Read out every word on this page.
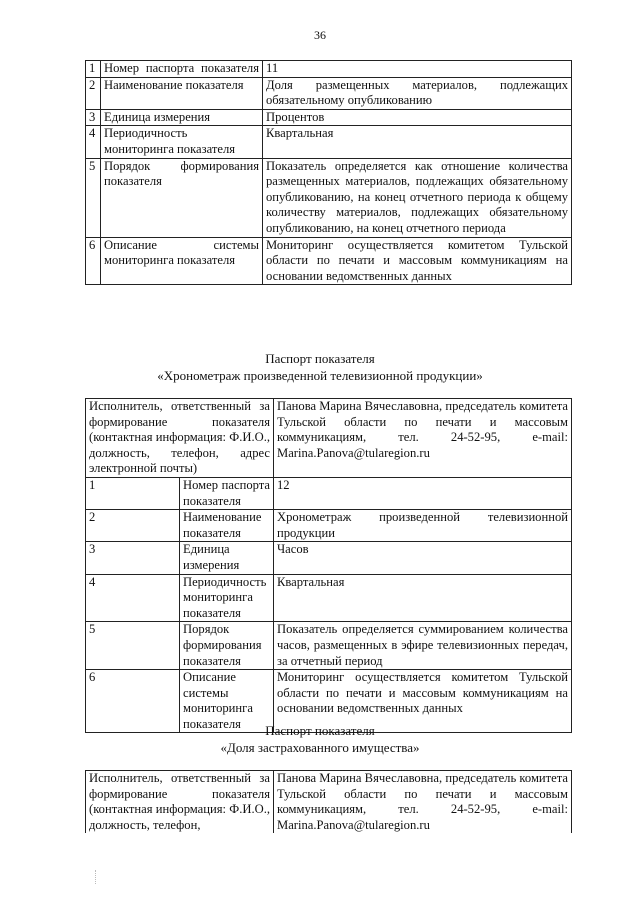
36
1	Номер паспорта показателя	11
2	Наименование показателя	Доля размещенных материалов, подлежащих обязательному опубликованию
3	Единица измерения	Процентов
4	Периодичность мониторинга показателя	Квартальная
5	Порядок формирования показателя	Показатель определяется как отношение количества размещенных материалов, подлежащих обязательному опубликованию, на конец отчетного периода к общему количеству материалов, подлежащих обязательному опубликованию, на конец отчетного периода
6	Описание системы мониторинга показателя	Мониторинг осуществляется комитетом Тульской области по печати и массовым коммуникациям на основании ведомственных данных
Паспорт показателя
«Хронометраж произведенной телевизионной продукции»
Исполнитель, ответственный за формирование показателя (контактная информация: Ф.И.О., должность, телефон, адрес электронной почты)		Панова Марина Вячеславовна, председатель комитета Тульской области по печати и массовым коммуникациям, тел. 24-52-95, e-mail: Marina.Panova@tularegion.ru
1	Номер паспорта показателя	12
2	Наименование показателя	Хронометраж произведенной телевизионной продукции
3	Единица измерения	Часов
4	Периодичность мониторинга показателя	Квартальная
5	Порядок формирования показателя	Показатель определяется суммированием количества часов, размещенных в эфире телевизионных передач, за отчетный период
6	Описание системы мониторинга показателя	Мониторинг осуществляется комитетом Тульской области по печати и массовым коммуникациям на основании ведомственных данных
Паспорт показателя
«Доля застрахованного имущества»
Исполнитель, ответственный за формирование показателя (контактная информация: Ф.И.О., должность, телефон,	Панова Марина Вячеславовна, председатель комитета Тульской области по печати и массовым коммуникациям, тел. 24-52-95, e-mail: Marina.Panova@tularegion.ru
